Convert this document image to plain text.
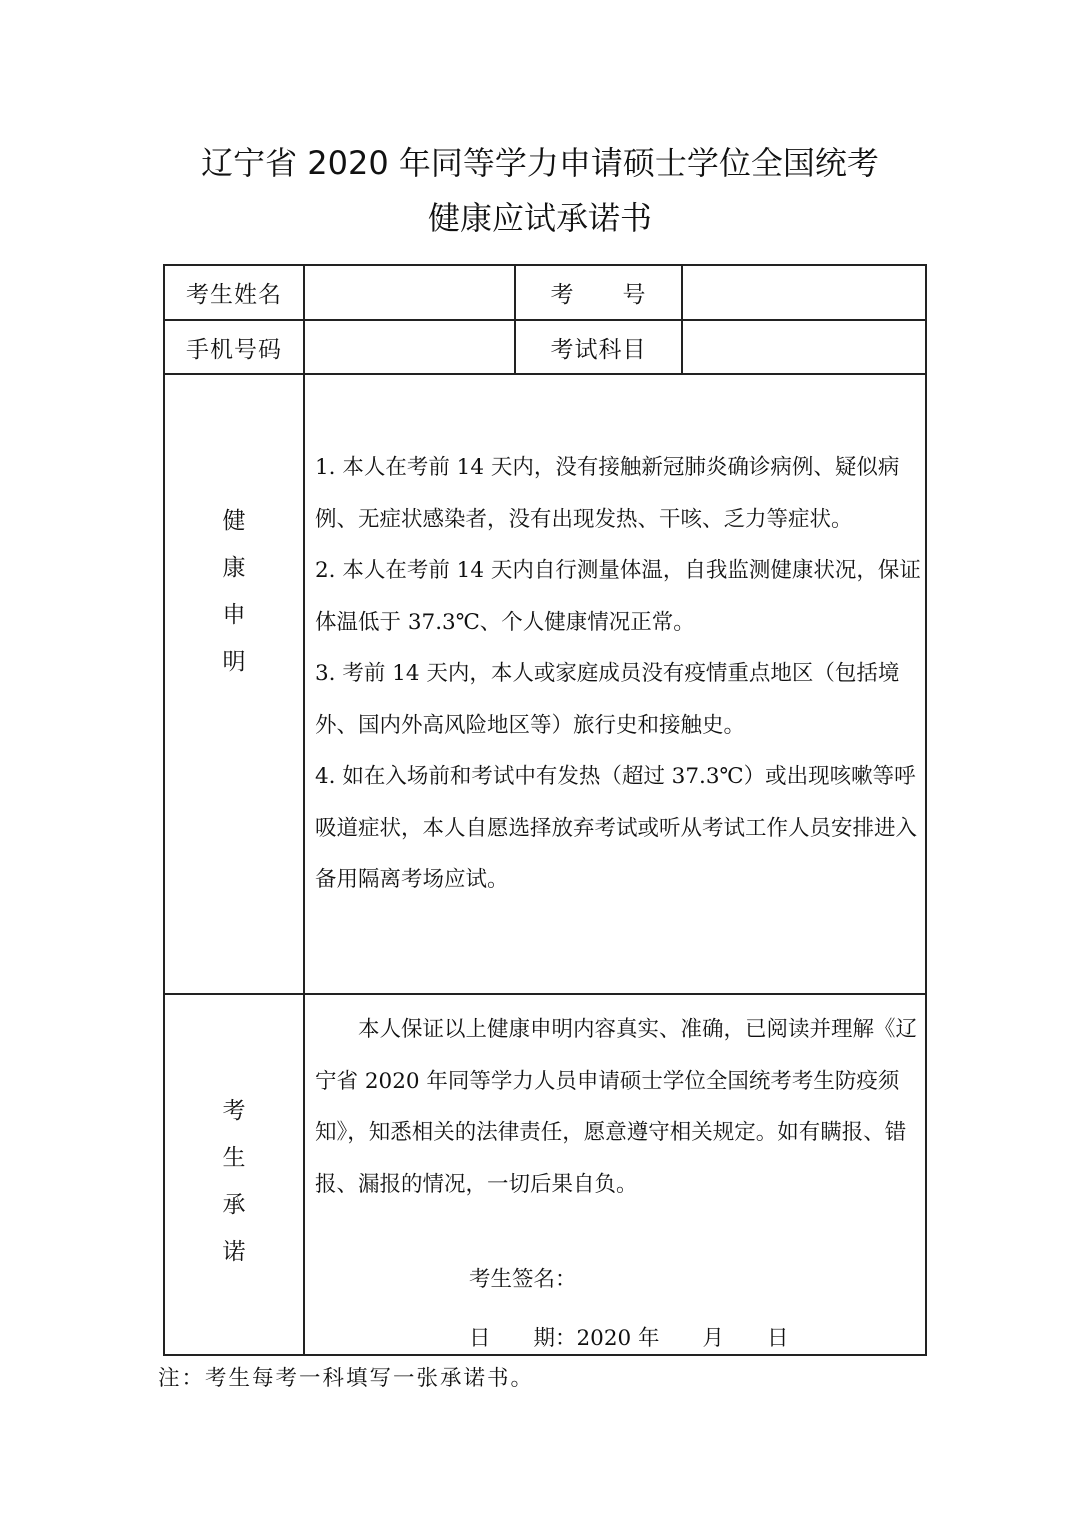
辽宁省 2020 年同等学力申请硕士学位全国统考
健康应试承诺书
考生姓名	考　　号
手机号码	考试科目
健
康
申
明

1. 本人在考前 14 天内，没有接触新冠肺炎确诊病例、疑似病例、无症状感染者，没有出现发热、干咳、乏力等症状。

2. 本人在考前 14 天内自行测量体温，自我监测健康状况，保证体温低于 37.3℃、个人健康情况正常。

3. 考前 14 天内，本人或家庭成员没有疫情重点地区（包括境外、国内外高风险地区等）旅行史和接触史。

4. 如在入场前和考试中有发热（超过 37.3℃）或出现咳嗽等呼吸道症状，本人自愿选择放弃考试或听从考试工作人员安排进入备用隔离考场应试。

考
生
承
诺

本人保证以上健康申明内容真实、准确，已阅读并理解《辽宁省 2020 年同等学力人员申请硕士学位全国统考考生防疫须知》，知悉相关的法律责任，愿意遵守相关规定。如有瞒报、错报、漏报的情况，一切后果自负。

考生签名：
日　　期：2020 年　　月　　日
注：考生每考一科填写一张承诺书。
